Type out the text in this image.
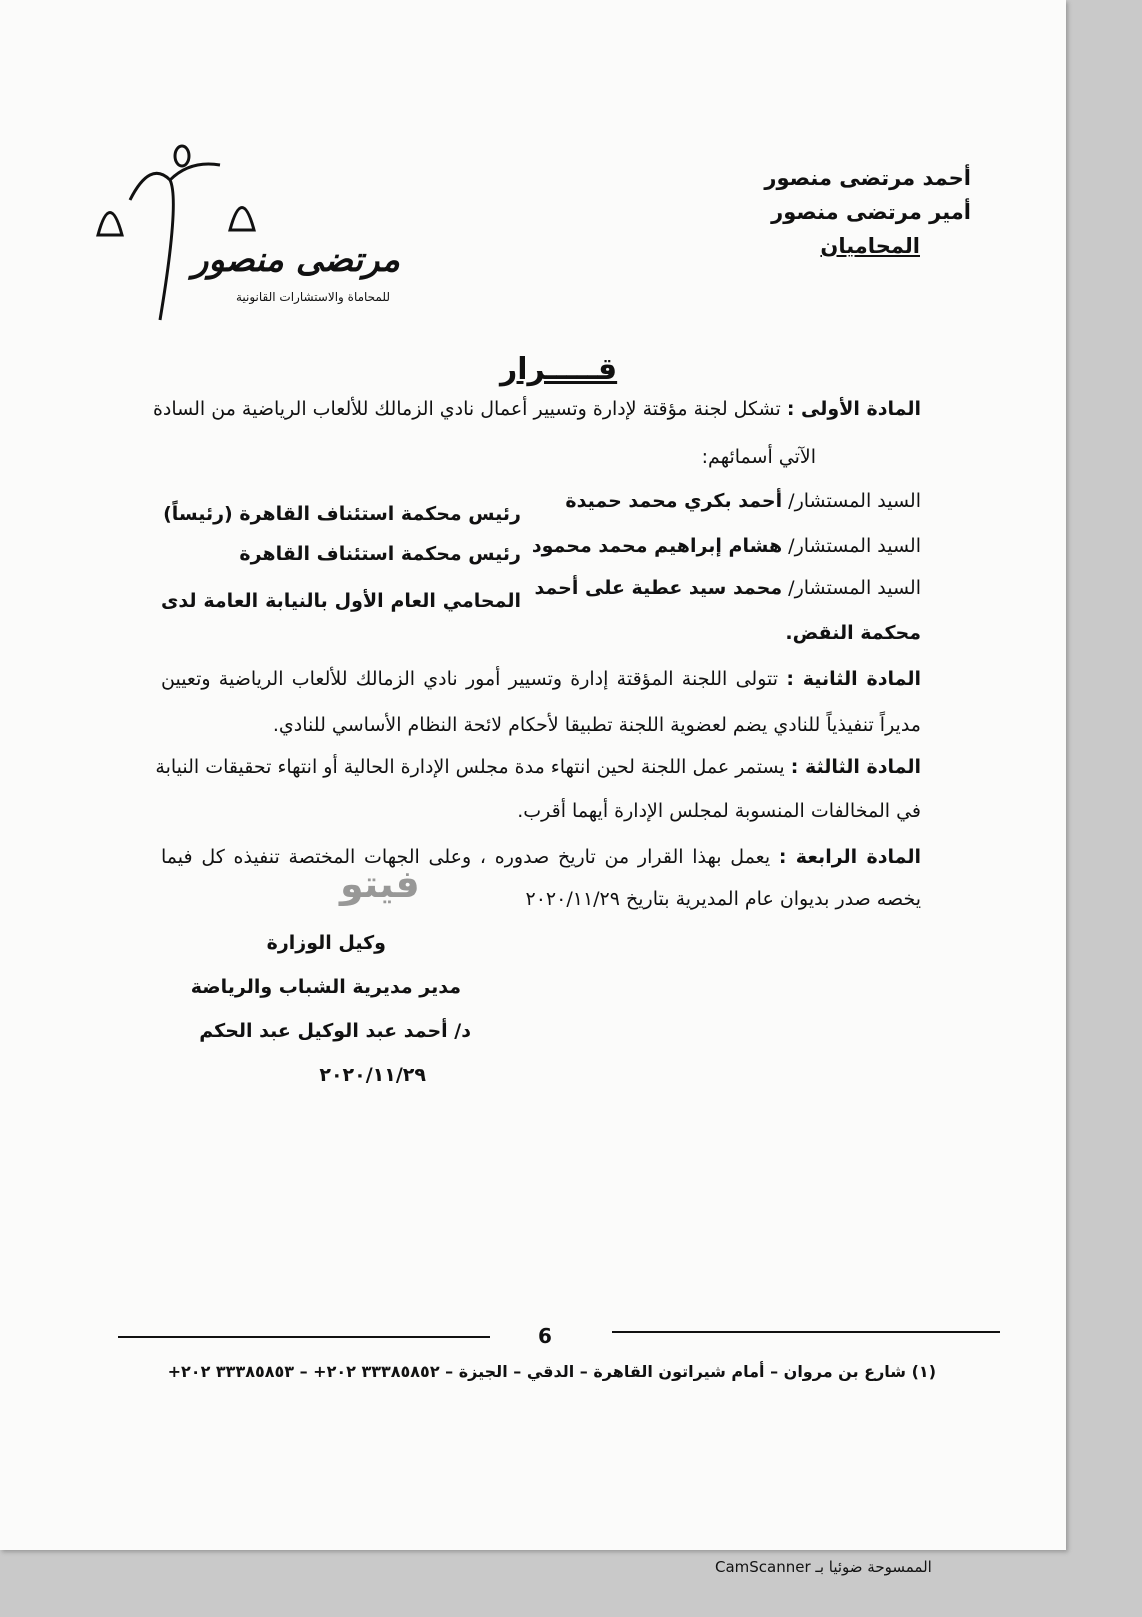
أحمد مرتضى منصور
أمير مرتضى منصور
المحاميان
مرتضى منصور
للمحاماة والاستشارات القانونية
قـــــرار
المادة الأولى : تشكل لجنة مؤقتة لإدارة وتسيير أعمال نادي الزمالك للألعاب الرياضية من السادة
الآتي أسمائهم:
السيد المستشار/ أحمد بكري محمد حميدة
رئيس محكمة استئناف القاهرة (رئيساً)
السيد المستشار/ هشام إبراهيم محمد محمود
رئيس محكمة استئناف القاهرة
السيد المستشار/ محمد سيد عطية على أحمد
المحامي العام الأول بالنيابة العامة لدى
محكمة النقض.
المادة الثانية : تتولى اللجنة المؤقتة إدارة وتسيير أمور نادي الزمالك للألعاب الرياضية وتعيين
مديراً تنفيذياً للنادي يضم لعضوية اللجنة تطبيقا لأحكام لائحة النظام الأساسي للنادي.
المادة الثالثة : يستمر عمل اللجنة لحين انتهاء مدة مجلس الإدارة الحالية أو انتهاء تحقيقات النيابة
في المخالفات المنسوبة لمجلس الإدارة أيهما أقرب.
المادة الرابعة : يعمل بهذا القرار من تاريخ صدوره ، وعلى الجهات المختصة تنفيذه كل فيما
يخصه صدر بديوان عام المديرية بتاريخ ٢٠٢٠/١١/٢٩
فيتو
وكيل الوزارة
مدير مديرية الشباب والرياضة
د/ أحمد عبد الوكيل عبد الحكم
٢٠٢٠/١١/٢٩
6
(١) شارع بن مروان – أمام شيراتون القاهرة – الدقي – الجيزة – ٣٣٣٨٥٨٥٢ ٢٠٢+ – ٣٣٣٨٥٨٥٣ ٢٠٢+
الممسوحة ضوئيا بـ CamScanner
